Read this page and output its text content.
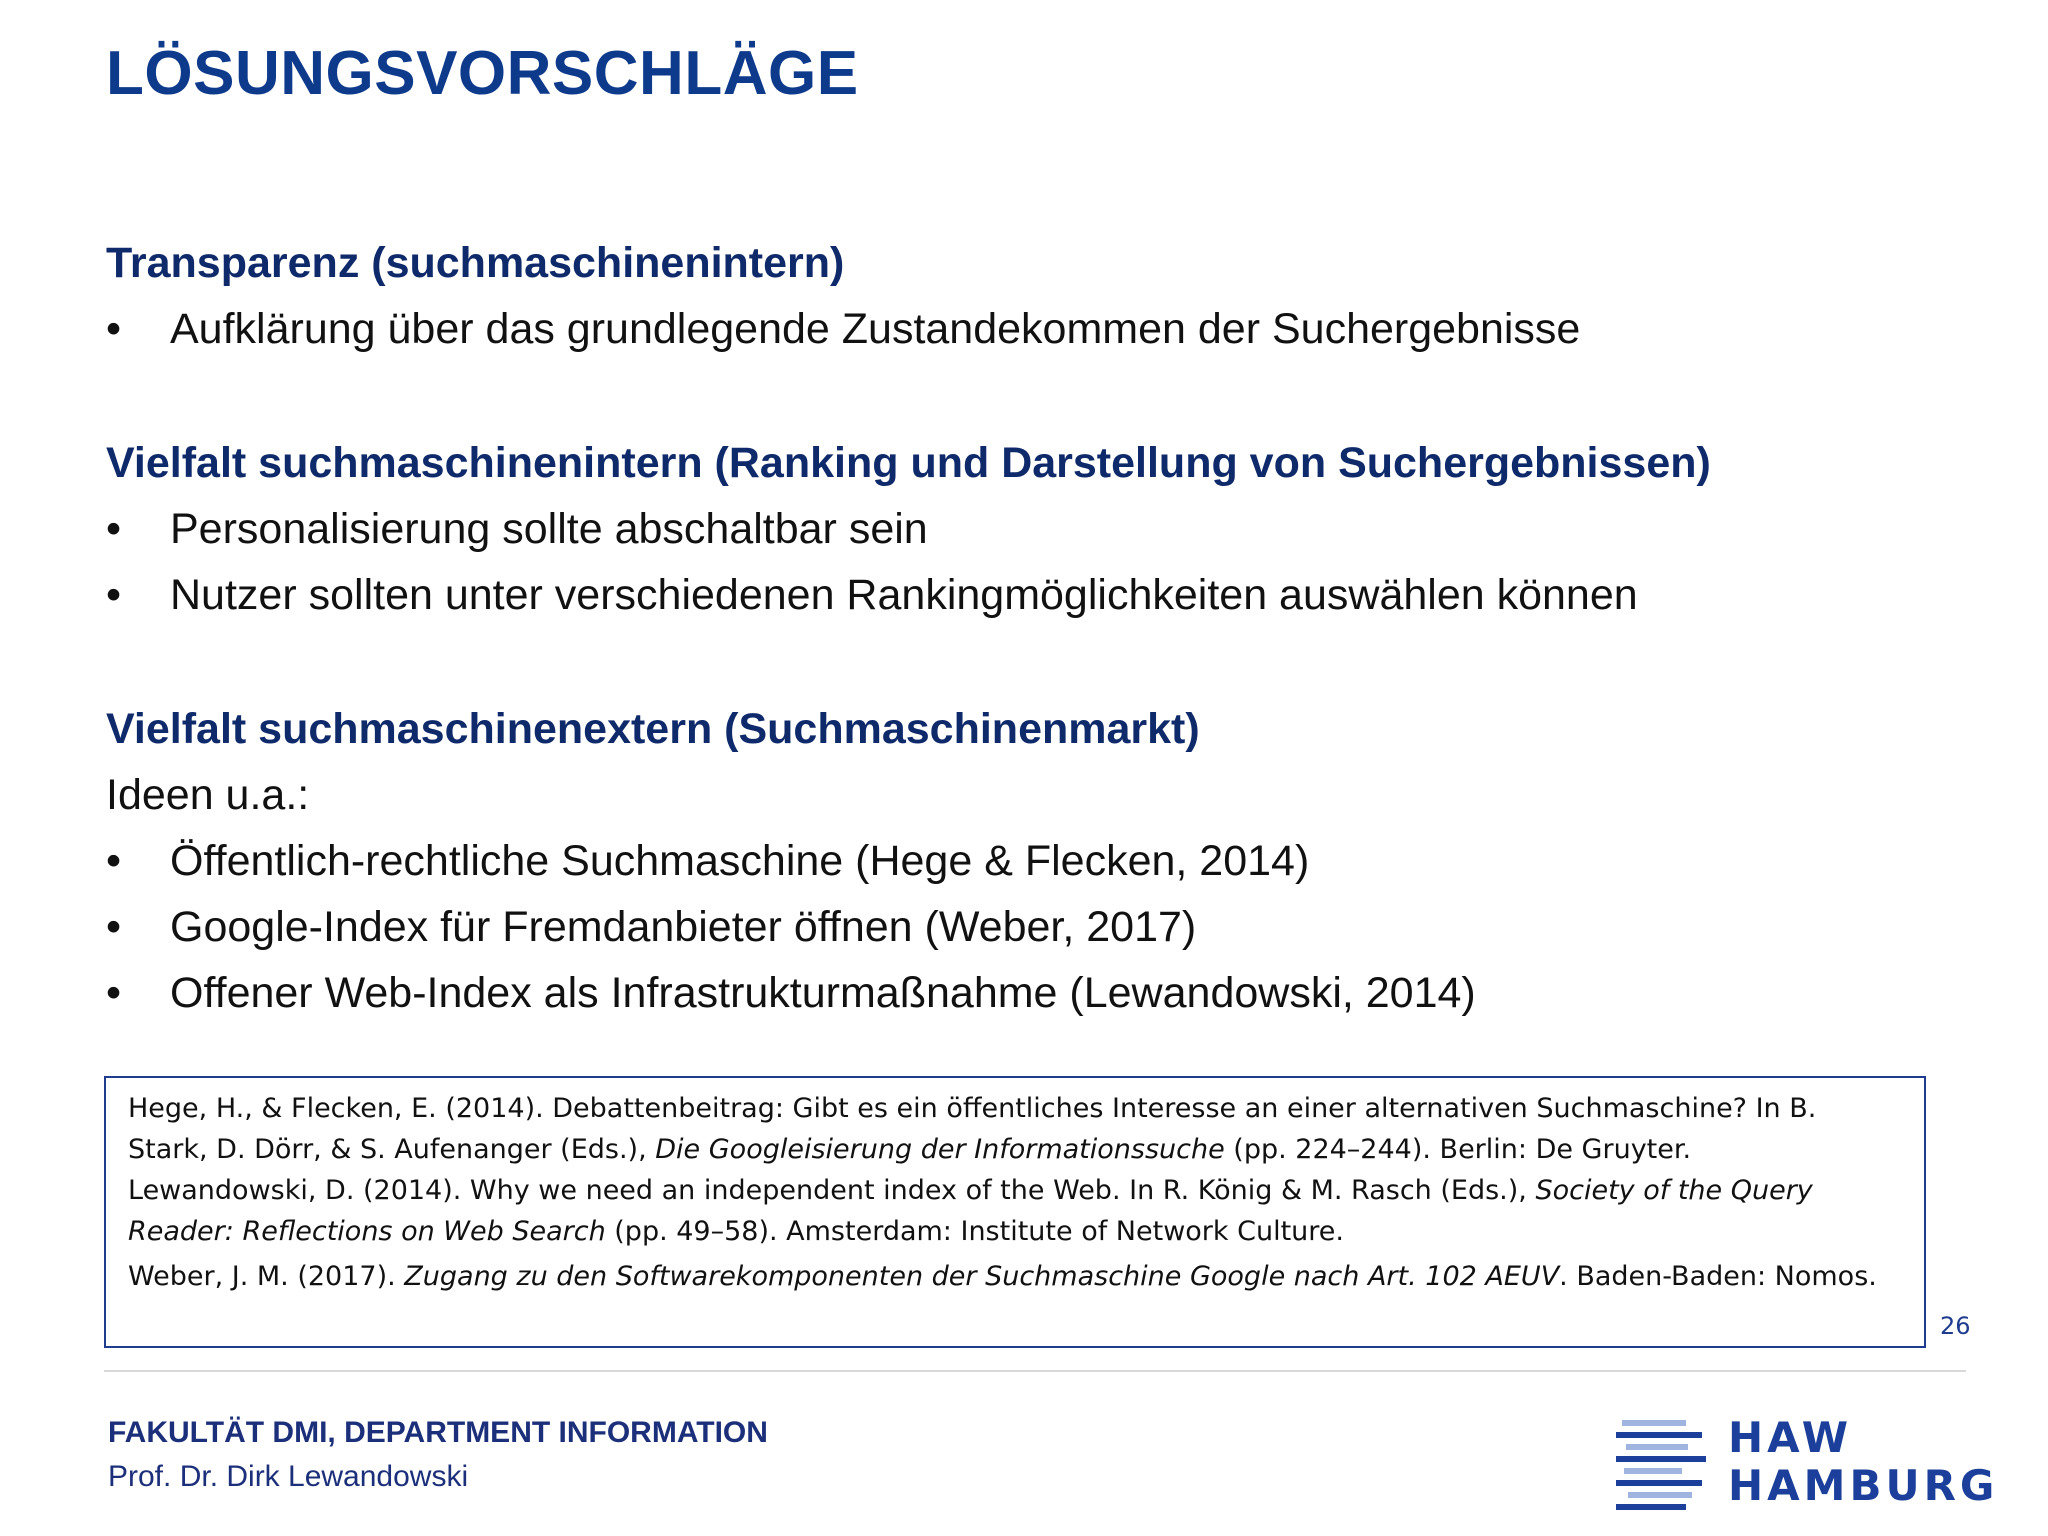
LÖSUNGSVORSCHLÄGE
Transparenz (suchmaschinenintern)
•	Aufklärung über das grundlegende Zustandekommen der Suchergebnisse
Vielfalt suchmaschinenintern (Ranking und Darstellung von Suchergebnissen)
•	Personalisierung sollte abschaltbar sein
•	Nutzer sollten unter verschiedenen Rankingmöglichkeiten auswählen können
Vielfalt suchmaschinenextern (Suchmaschinenmarkt)
Ideen u.a.:
•	Öffentlich-rechtliche Suchmaschine (Hege & Flecken, 2014)
•	Google-Index für Fremdanbieter öffnen (Weber, 2017)
•	Offener Web-Index als Infrastrukturmaßnahme (Lewandowski, 2014)

Hege, H., & Flecken, E. (2014). Debattenbeitrag: Gibt es ein öffentliches Interesse an einer alternativen Suchmaschine? In B. Stark, D. Dörr, & S. Aufenanger (Eds.), Die Googleisierung der Informationssuche (pp. 224–244). Berlin: De Gruyter.

Lewandowski, D. (2014). Why we need an independent index of the Web. In R. König & M. Rasch (Eds.), Society of the Query Reader: Reflections on Web Search (pp. 49–58). Amsterdam: Institute of Network Culture.

Weber, J. M. (2017). Zugang zu den Softwarekomponenten der Suchmaschine Google nach Art. 102 AEUV. Baden-Baden: Nomos.

26
FAKULTÄT DMI, DEPARTMENT INFORMATION
Prof. Dr. Dirk Lewandowski
HAW
HAMBURG
